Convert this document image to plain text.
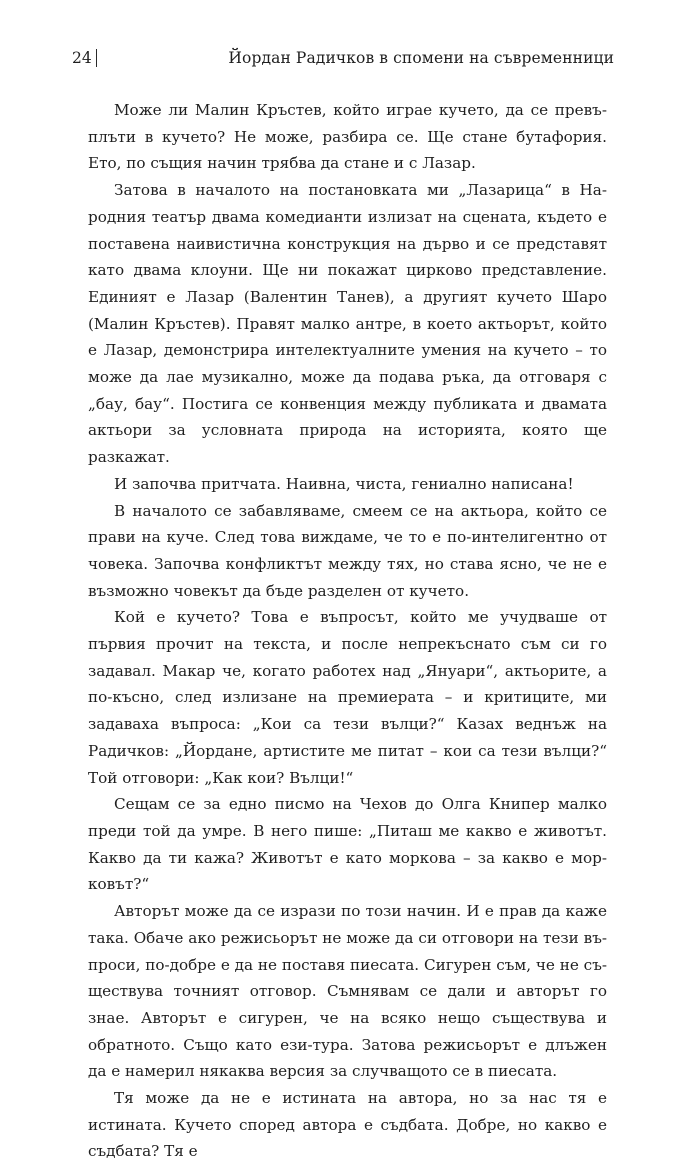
24	Йордан Радичков в спомени на съвременници

Може ли Малин Кръстев, който играе кучето, да се превъплъти в кучето? Не може, разбира се. Ще стане бутафория. Ето, по същия начин трябва да стане и с Лазар.

Затова в началото на постановката ми „Лазарица“ в Народния театър двама комедианти излизат на сцената, където е поставена наивистична конструкция на дърво и се представят като двама клоуни. Ще ни покажат цирково представление. Единият е Лазар (Валентин Танев), а другият кучето Шаро (Малин Кръстев). Правят малко антре, в което актьорът, който е Лазар, демонстрира интелектуалните умения на кучето – то може да лае музикално, може да подава ръка, да отговаря с „бау, бау“. Постига се конвенция между публиката и двамата актьори за условната природа на историята, която ще разкажат.

И започва притчата. Наивна, чиста, гениално написана!

В началото се забавляваме, смеем се на актьора, който се прави на куче. След това виждаме, че то е по-интелигентно от човека. Започва конфликтът между тях, но става ясно, че не е възможно човекът да бъде разделен от кучето.

Кой е кучето? Това е въпросът, който ме учудваше от първия прочит на текста, и после непрекъснато съм си го задавал. Макар че, когато работех над „Януари“, актьорите, а по-късно, след излизане на премиерата – и критиците, ми задаваха въпроса: „Кои са тези вълци?“ Казах веднъж на Радичков: „Йордане, артистите ме питат – кои са тези вълци?“ Той отговори: „Как кои? Вълци!“

Сещам се за едно писмо на Чехов до Олга Книпер малко преди той да умре. В него пише: „Питаш ме какво е животът. Какво да ти кажа? Животът е като моркова – за какво е морковът?“

Авторът може да се изрази по този начин. И е прав да каже така. Обаче ако режисьорът не може да си отговори на тези въпроси, по-добре е да не поставя пиесата. Сигурен съм, че не съществува точният отговор. Съмнявам се дали и авторът го знае. Авторът е сигурен, че на всяко нещо съществува и обратното. Също като ези-тура. Затова режисьорът е длъжен да е намерил някаква версия за случващото се в пиесата.

Тя може да не е истината на автора, но за нас тя е истината. Кучето според автора е съдбата. Добре, но какво е съдбата? Тя е
